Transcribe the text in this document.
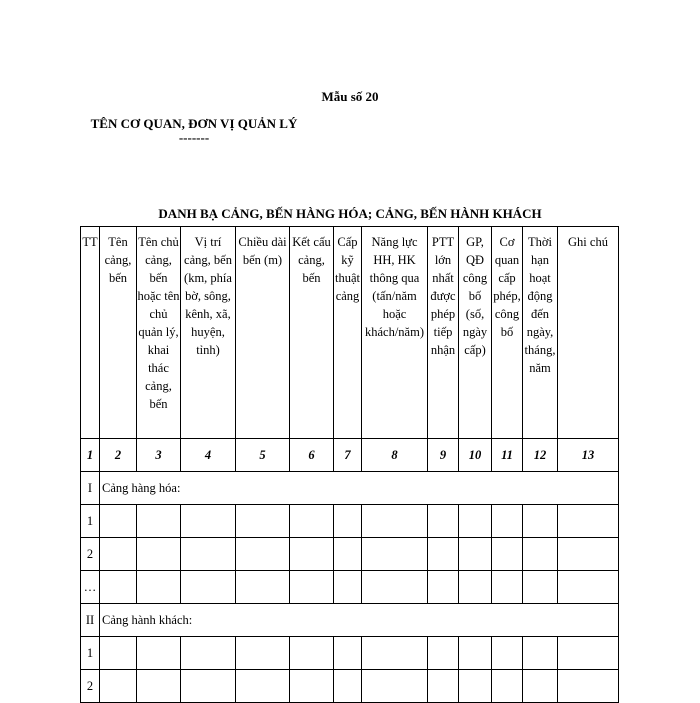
Mẫu số 20
TÊN CƠ QUAN, ĐƠN VỊ QUẢN LÝ
-------
DANH BẠ CẢNG, BẾN HÀNG HÓA; CẢNG, BẾN HÀNH KHÁCH
TT	Tên cảng, bến	Tên chủ cảng, bến hoặc tên chủ quản lý, khai thác cảng, bến	Vị trí cảng, bến (km, phía bờ, sông, kênh, xã, huyện, tỉnh)	Chiều dài bến (m)	Kết cấu cảng, bến	Cấp kỹ thuật cảng	Năng lực HH, HK thông qua (tấn/năm hoặc khách/năm)	PTT lớn nhất được phép tiếp nhận	GP, QĐ công bố (số, ngày cấp)	Cơ quan cấp phép, công bố	Thời hạn hoạt động đến ngày, tháng, năm	Ghi chú
1	2	3	4	5	6	7	8	9	10	11	12	13
I	Cảng hàng hóa:											
1												
2												
…												
II	Cảng hành khách:											
1												
2												
